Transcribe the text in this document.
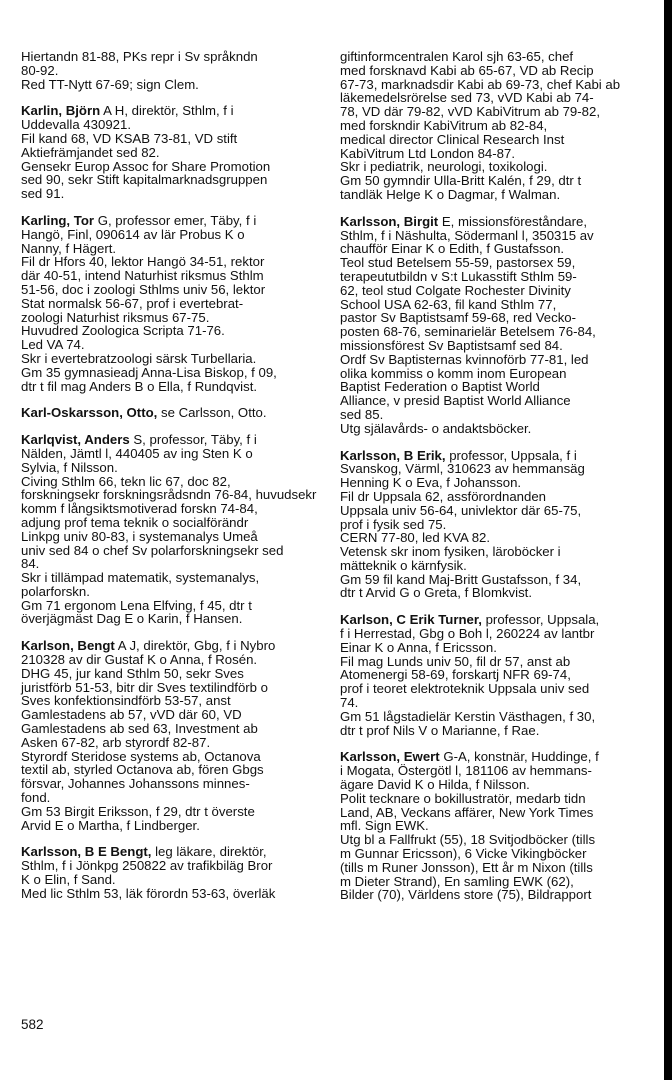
Hiertandn 81-88, PKs repr i Sv språkndn
80-92.
Red TT-Nytt 67-69; sign Clem.
Karlin, Björn A H, direktör, Sthlm, f i
Uddevalla 430921.
Fil kand 68, VD KSAB 73-81, VD stift
Aktiefrämjandet sed 82.
Gensekr Europ Assoc for Share Promotion
sed 90, sekr Stift kapitalmarknadsgruppen
sed 91.
Karling, Tor G, professor emer, Täby, f i
Hangö, Finl, 090614 av lär Probus K o
Nanny, f Hägert.
Fil dr Hfors 40, lektor Hangö 34-51, rektor
där 40-51, intend Naturhist riksmus Sthlm
51-56, doc i zoologi Sthlms univ 56, lektor
Stat normalsk 56-67, prof i evertebrat-
zoologi Naturhist riksmus 67-75.
Huvudred Zoologica Scripta 71-76.
Led VA 74.
Skr i evertebratzoologi särsk Turbellaria.
Gm 35 gymnasieadj Anna-Lisa Biskop, f 09,
dtr t fil mag Anders B o Ella, f Rundqvist.
Karl-Oskarsson, Otto, se Carlsson, Otto.
Karlqvist, Anders S, professor, Täby, f i
Nälden, Jämtl l, 440405 av ing Sten K o
Sylvia, f Nilsson.
Civing Sthlm 66, tekn lic 67, doc 82,
forskningsekr forskningsrådsndn 76-84, huvudsekr
komm f långsiktsmotiverad forskn 74-84,
adjung prof tema teknik o socialförändr
Linkpg univ 80-83, i systemanalys Umeå
univ sed 84 o chef Sv polarforskningsekr sed
84.
Skr i tillämpad matematik, systemanalys,
polarforskn.
Gm 71 ergonom Lena Elfving, f 45, dtr t
överjägmäst Dag E o Karin, f Hansen.
Karlson, Bengt A J, direktör, Gbg, f i Nybro
210328 av dir Gustaf K o Anna, f Rosén.
DHG 45, jur kand Sthlm 50, sekr Sves
juristförb 51-53, bitr dir Sves textilindförb o
Sves konfektionsindförb 53-57, anst
Gamlestadens ab 57, vVD där 60, VD
Gamlestadens ab sed 63, Investment ab
Asken 67-82, arb styrordf 82-87.
Styrordf Steridose systems ab, Octanova
textil ab, styrled Octanova ab, fören Gbgs
försvar, Johannes Johanssons minnes-
fond.
Gm 53 Birgit Eriksson, f 29, dtr t överste
Arvid E o Martha, f Lindberger.
Karlsson, B E Bengt, leg läkare, direktör,
Sthlm, f i Jönkpg 250822 av trafikbiläg Bror
K o Elin, f Sand.
Med lic Sthlm 53, läk förordn 53-63, överläk
giftinformcentralen Karol sjh 63-65, chef
med forsknavd Kabi ab 65-67, VD ab Recip
67-73, marknadsdir Kabi ab 69-73, chef Kabi ab
läkemedelsrörelse sed 73, vVD Kabi ab 74-
78, VD där 79-82, vVD KabiVitrum ab 79-82,
med forskndir KabiVitrum ab 82-84,
medical director Clinical Research Inst
KabiVitrum Ltd London 84-87.
Skr i pediatrik, neurologi, toxikologi.
Gm 50 gymndir Ulla-Britt Kalén, f 29, dtr t
tandläk Helge K o Dagmar, f Walman.
Karlsson, Birgit E, missionsföreståndare,
Sthlm, f i Näshulta, Södermanl l, 350315 av
chaufför Einar K o Edith, f Gustafsson.
Teol stud Betelsem 55-59, pastorsex 59,
terapeututbildn v S:t Lukasstift Sthlm 59-
62, teol stud Colgate Rochester Divinity
School USA 62-63, fil kand Sthlm 77,
pastor Sv Baptistsamf 59-68, red Vecko-
posten 68-76, seminarielär Betelsem 76-84,
missionsförest Sv Baptistsamf sed 84.
Ordf Sv Baptisternas kvinnoförb 77-81, led
olika kommiss o komm inom European
Baptist Federation o Baptist World
Alliance, v presid Baptist World Alliance
sed 85.
Utg själavårds- o andaktsböcker.
Karlsson, B Erik, professor, Uppsala, f i
Svanskog, Värml, 310623 av hemmansäg
Henning K o Eva, f Johansson.
Fil dr Uppsala 62, assförordnanden
Uppsala univ 56-64, univlektor där 65-75,
prof i fysik sed 75.
CERN 77-80, led KVA 82.
Vetensk skr inom fysiken, läroböcker i
mätteknik o kärnfysik.
Gm 59 fil kand Maj-Britt Gustafsson, f 34,
dtr t Arvid G o Greta, f Blomkvist.
Karlson, C Erik Turner, professor, Uppsala,
f i Herrestad, Gbg o Boh l, 260224 av lantbr
Einar K o Anna, f Ericsson.
Fil mag Lunds univ 50, fil dr 57, anst ab
Atomenergi 58-69, forskartj NFR 69-74,
prof i teoret elektroteknik Uppsala univ sed
74.
Gm 51 lågstadielär Kerstin Västhagen, f 30,
dtr t prof Nils V o Marianne, f Rae.
Karlsson, Ewert G-A, konstnär, Huddinge, f
i Mogata, Östergötl l, 181106 av hemmans-
ägare David K o Hilda, f Nilsson.
Polit tecknare o bokillustratör, medarb tidn
Land, AB, Veckans affärer, New York Times
mfl. Sign EWK.
Utg bl a Fallfrukt (55), 18 Svitjodböcker (tills
m Gunnar Ericsson), 6 Vicke Vikingböcker
(tills m Runer Jonsson), Ett år m Nixon (tills
m Dieter Strand), En samling EWK (62),
Bilder (70), Världens store (75), Bildrapport
582
